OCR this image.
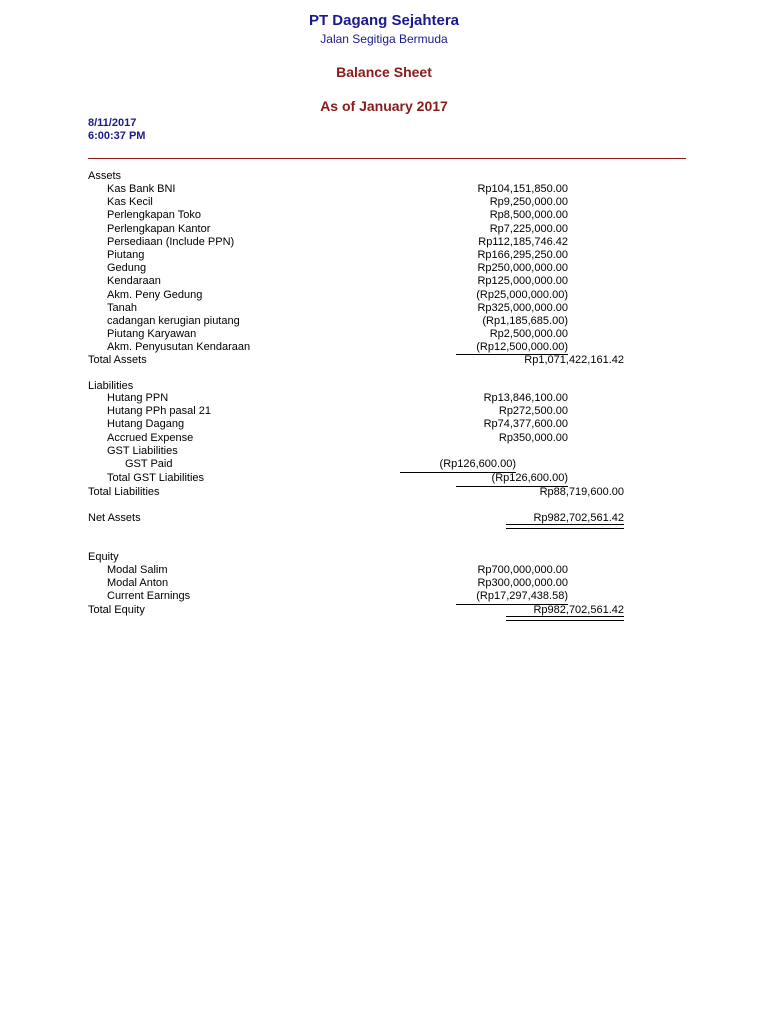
PT Dagang Sejahtera
Jalan Segitiga Bermuda
Balance Sheet
As of January 2017
8/11/2017
6:00:37 PM
Assets
Kas Bank BNI	Rp104,151,850.00
Kas Kecil	Rp9,250,000.00
Perlengkapan Toko	Rp8,500,000.00
Perlengkapan Kantor	Rp7,225,000.00
Persediaan (Include PPN)	Rp112,185,746.42
Piutang	Rp166,295,250.00
Gedung	Rp250,000,000.00
Kendaraan	Rp125,000,000.00
Akm. Peny Gedung	(Rp25,000,000.00)
Tanah	Rp325,000,000.00
cadangan kerugian piutang	(Rp1,185,685.00)
Piutang Karyawan	Rp2,500,000.00
Akm. Penyusutan Kendaraan	(Rp12,500,000.00)
Total Assets	Rp1,071,422,161.42
Liabilities
Hutang PPN	Rp13,846,100.00
Hutang PPh pasal 21	Rp272,500.00
Hutang Dagang	Rp74,377,600.00
Accrued Expense	Rp350,000.00
GST Liabilities
GST Paid	(Rp126,600.00)
Total GST Liabilities	(Rp126,600.00)
Total Liabilities	Rp88,719,600.00
Net Assets	Rp982,702,561.42
Equity
Modal Salim	Rp700,000,000.00
Modal Anton	Rp300,000,000.00
Current Earnings	(Rp17,297,438.58)
Total Equity	Rp982,702,561.42
